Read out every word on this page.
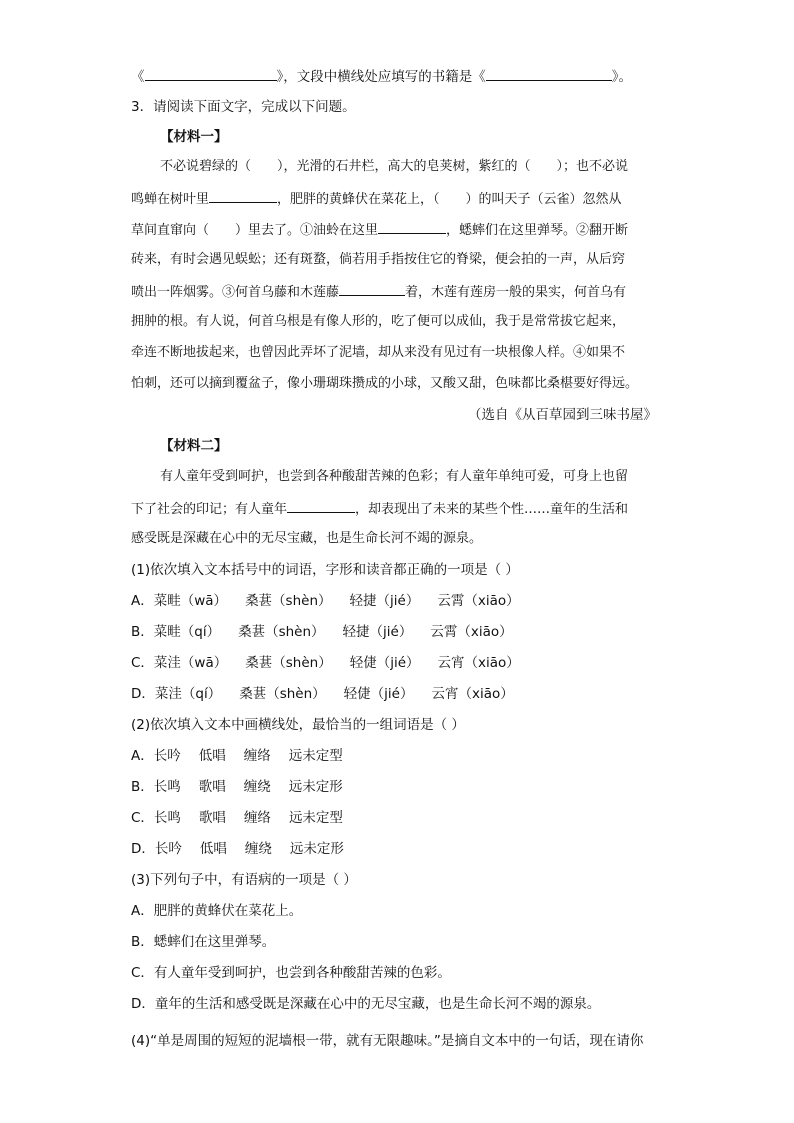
《	》，文段中横线处应填写的书籍是《	》。
3．请阅读下面文字，完成以下问题。
【材料一】
不必说碧绿的（ ），光滑的石井栏，高大的皂荚树，紫红的（ ）；也不必说
鸣蝉在树叶里	，肥胖的黄蜂伏在菜花上，（ ）的叫天子（云雀）忽然从
草间直窜向（ ）里去了。①油蛉在这里	，蟋蟀们在这里弹琴。②翻开断
砖来，有时会遇见蜈蚣；还有斑蝥，倘若用手指按住它的脊梁，便会拍的一声，从后窍
喷出一阵烟雾。③何首乌藤和木莲藤	着，木莲有莲房一般的果实，何首乌有
拥肿的根。有人说，何首乌根是有像人形的，吃了便可以成仙，我于是常常拔它起来，
牵连不断地拔起来，也曾因此弄坏了泥墙，却从来没有见过有一块根像人样。④如果不
怕刺，还可以摘到覆盆子，像小珊瑚珠攒成的小球，又酸又甜，色味都比桑椹要好得远。
（选自《从百草园到三味书屋》
【材料二】
有人童年受到呵护，也尝到各种酸甜苦辣的色彩；有人童年单纯可爱，可身上也留
下了社会的印记；有人童年	，却表现出了未来的某些个性……童年的生活和
感受既是深藏在心中的无尽宝藏，也是生命长河不竭的源泉。
(1)依次填入文本括号中的词语，字形和读音都正确的一项是（ ）
A．菜畦（wā） 桑葚（shèn） 轻捷（jié） 云霄（xiāo）
B．菜畦（qí） 桑葚（shèn） 轻捷（jié） 云霄（xiāo）
C．菜洼（wā） 桑葚（shèn） 轻倢（jié） 云宵（xiāo）
D．菜洼（qí） 桑葚（shèn） 轻倢（jié） 云宵（xiāo）
(2)依次填入文本中画横线处，最恰当的一组词语是（ ）
A．长吟 低唱 缠络 远未定型
B．长鸣 歌唱 缠绕 远未定形
C．长鸣 歌唱 缠络 远未定型
D．长吟 低唱 缠绕 远未定形
(3)下列句子中，有语病的一项是（ ）
A．肥胖的黄蜂伏在菜花上。
B．蟋蟀们在这里弹琴。
C．有人童年受到呵护，也尝到各种酸甜苦辣的色彩。
D．童年的生活和感受既是深藏在心中的无尽宝藏，也是生命长河不竭的源泉。
(4)“单是周围的短短的泥墙根一带，就有无限趣味。”是摘自文本中的一句话，现在请你
